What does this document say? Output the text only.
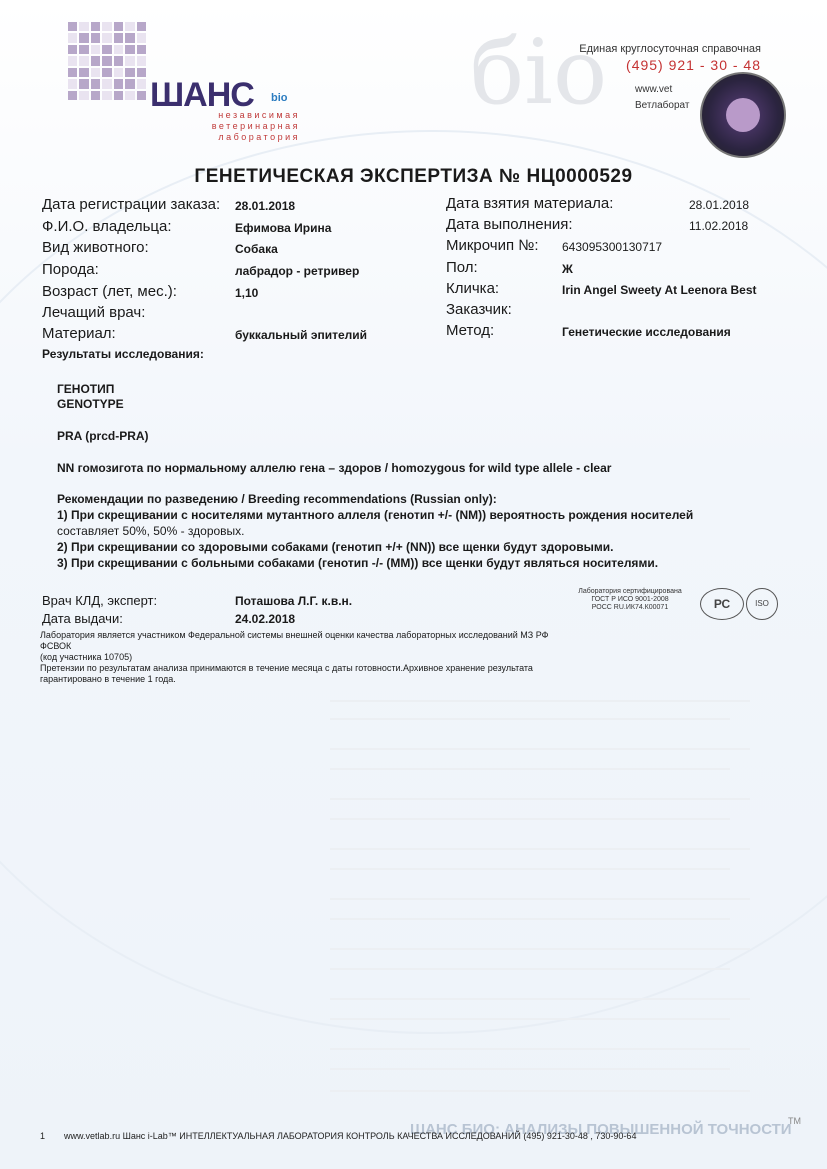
бio
ШАНС bio
независимая
ветеринарная
лаборатория
Единая круглосуточная справочная
(495) 921 - 30 - 48
www.vet
Ветлаборат
ГЕНЕТИЧЕСКАЯ ЭКСПЕРТИЗА № НЦ0000529
Дата регистрации заказа: 28.01.2018
Ф.И.О. владельца:	Ефимова Ирина
Вид животного:	Собака
Порода:	лабрадор - ретривер
Возраст (лет, мес.):	1,10
Лечащий врач:
Материал:	буккальный эпителий
Дата взятия материала:	28.01.2018
Дата выполнения:	11.02.2018
Микрочип №: 643095300130717
Пол:	Ж
Кличка:	Irin Angel Sweety At Leenora Best
Заказчик:
Метод:	Генетические исследования
Результаты исследования:
ГЕНОТИП
GENOTYPE
PRA (prcd-PRA)
NN гомозигота по нормальному аллелю гена – здоров / homozygous for wild type allele - clear
Рекомендации по разведению / Breeding recommendations (Russian only):
1) При скрещивании с носителями мутантного аллеля (генотип +/- (NM)) вероятность рождения носителей
составляет 50%, 50% - здоровых.
2) При скрещивании со здоровыми собаками (генотип +/+ (NN)) все щенки будут здоровыми.
3) При скрещивании с больными собаками (генотип -/- (MM)) все щенки будут являться носителями.
Врач КЛД, эксперт:	Поташова Л.Г. к.в.н.
Дата выдачи:	24.02.2018
Лаборатория сертифицирована
ГОСТ Р ИСО 9001-2008
РОСС RU.ИК74.К00071	РС	ISO
Лаборатория является участником Федеральной системы внешней оценки качества лабораторных исследований МЗ РФ
ФСВОК
(код участника 10705)
Претензии по результатам анализа принимаются в течение месяца с даты готовности.Архивное хранение результата
гарантировано в течение 1 года.
ШАНС БИО: АНАЛИЗЫ ПОВЫШЕННОЙ ТОЧНОСТИ
TM
1 www.vetlab.ru Шанс i-Lab™ ИНТЕЛЛЕКТУАЛЬНАЯ ЛАБОРАТОРИЯ КОНТРОЛЬ КАЧЕСТВА ИССЛЕДОВАНИЙ (495) 921-30-48 , 730-90-64
